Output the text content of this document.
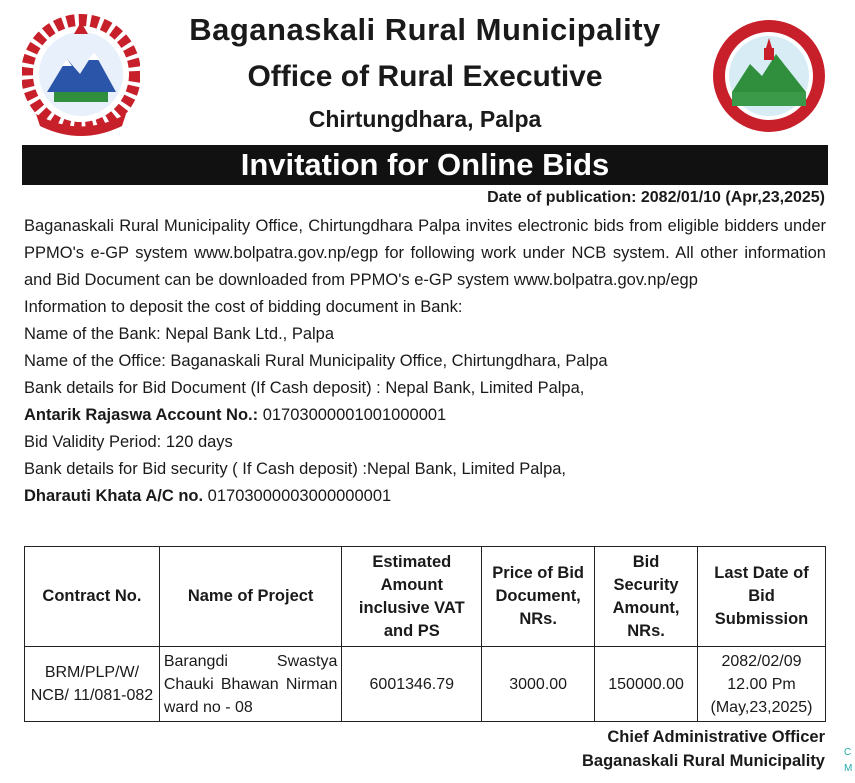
Baganaskali Rural Municipality
Office of Rural Executive
Chirtungdhara, Palpa
Invitation for Online Bids
Date of publication: 2082/01/10 (Apr,23,2025)

Baganaskali Rural Municipality Office, Chirtungdhara Palpa invites electronic bids from eligible bidders under PPMO's e-GP system www.bolpatra.gov.np/egp for following work under NCB system. All other information and Bid Document can be downloaded from PPMO's e-GP system www.bolpatra.gov.np/egp

Information to deposit the cost of bidding document in Bank:

Name of the Bank: Nepal Bank Ltd., Palpa

Name of the Office: Baganaskali Rural Municipality Office, Chirtungdhara, Palpa

Bank details for Bid Document (If Cash deposit) : Nepal Bank, Limited Palpa,

Antarik Rajaswa Account No.: 01703000001001000001

Bid Validity Period: 120 days

Bank details for Bid security ( If Cash deposit) :Nepal Bank, Limited Palpa,

Dharauti Khata A/C no. 01703000003000000001

Contract No.	Name of Project	Estimated Amount inclusive VAT and PS	Price of Bid Document, NRs.	Bid Security Amount, NRs.	Last Date of Bid Submission
BRM/PLP/W/ NCB/ 11/081-082	Barangdi Swastya Chauki Bhawan Nirman ward no - 08	6001346.79	3000.00	150000.00	2082/02/09 12.00 Pm (May,23,2025)
Chief Administrative Officer
Baganaskali Rural Municipality C
M
